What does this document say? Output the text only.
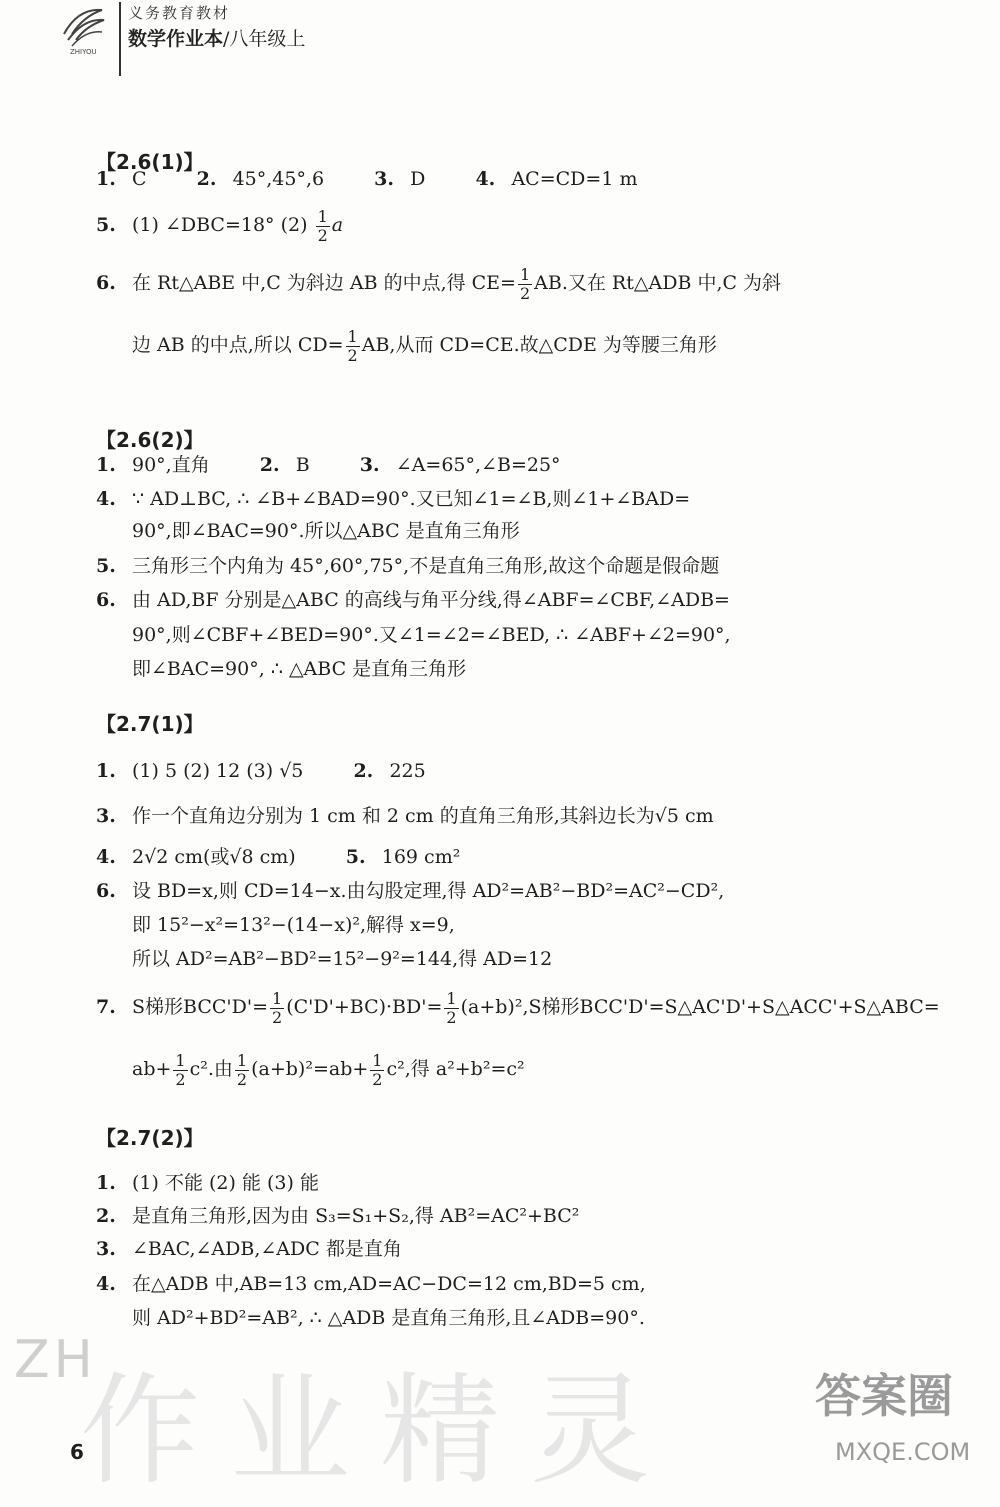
ZHIYOU
义务教育教材
数学作业本/八年级上
【2.6(1)】
1. C	2. 45°,45°,6	3. D	4. AC=CD=1 m
5. (1) ∠DBC=18° $(2) \frac{1}{2}$ a
6. 在 Rt△ABE 中,C 为斜边 AB 的中点,得 $CE= \frac{1}{2}$ AB.又在 Rt△ADB 中,C 为斜
边 AB 的中点,所以 $CD= \frac{1}{2}$ AB,从而 CD=CE.故△CDE 为等腰三角形
【2.6(2)】
1. 90°,直角	2. B	3. ∠A=65°,∠B=25°
4. ∵ AD⊥BC, ∴ ∠B+∠BAD=90°.又已知∠1=∠B,则∠1+∠BAD=
90°,即∠BAC=90°.所以△ABC 是直角三角形
5. 三角形三个内角为 45°,60°,75°,不是直角三角形,故这个命题是假命题
6. 由 AD,BF 分别是△ABC 的高线与角平分线,得∠ABF=∠CBF,∠ADB=
90°,则∠CBF+∠BED=90°.又∠1=∠2=∠BED, ∴ ∠ABF+∠2=90°,
即∠BAC=90°, ∴ △ABC 是直角三角形
【2.7(1)】
1. (1) 5 (2) 12 (3) √5	2. 225
3. 作一个直角边分别为 1 cm 和 2 cm 的直角三角形,其斜边长为√5 cm
4. 2√2 cm(或√8 cm)	5. 169 cm²
6. 设 BD=x,则 CD=14−x.由勾股定理,得 AD²=AB²−BD²=AC²−CD²,
即 15²−x²=13²−(14−x)²,解得 x=9,
所以 AD²=AB²−BD²=15²−9²=144,得 AD=12
7. S梯形$BCC'D'= \frac{1}{2} (C'D'+BC)\cdot BD'= \frac{1}{2} (a+b)^2,S$梯形BCC'D'=S△AC'D'+S△ACC'+S△ABC=
$ab+ \frac{1}{2} c^2$.由 $\frac{1}{2} (a+b)^2=ab+ \frac{1}{2} c^2$,得 a²+b²=c²
【2.7(2)】
1. (1) 不能 (2) 能 (3) 能
2. 是直角三角形,因为由 S₃=S₁+S₂,得 AB²=AC²+BC²
3. ∠BAC,∠ADB,∠ADC 都是直角
4. 在△ADB 中,AB=13 cm,AD=AC−DC=12 cm,BD=5 cm,
则 AD²+BD²=AB², ∴ △ADB 是直角三角形,且∠ADB=90°.
作业精灵
ZH
6
答案圈
MXQE.COM
